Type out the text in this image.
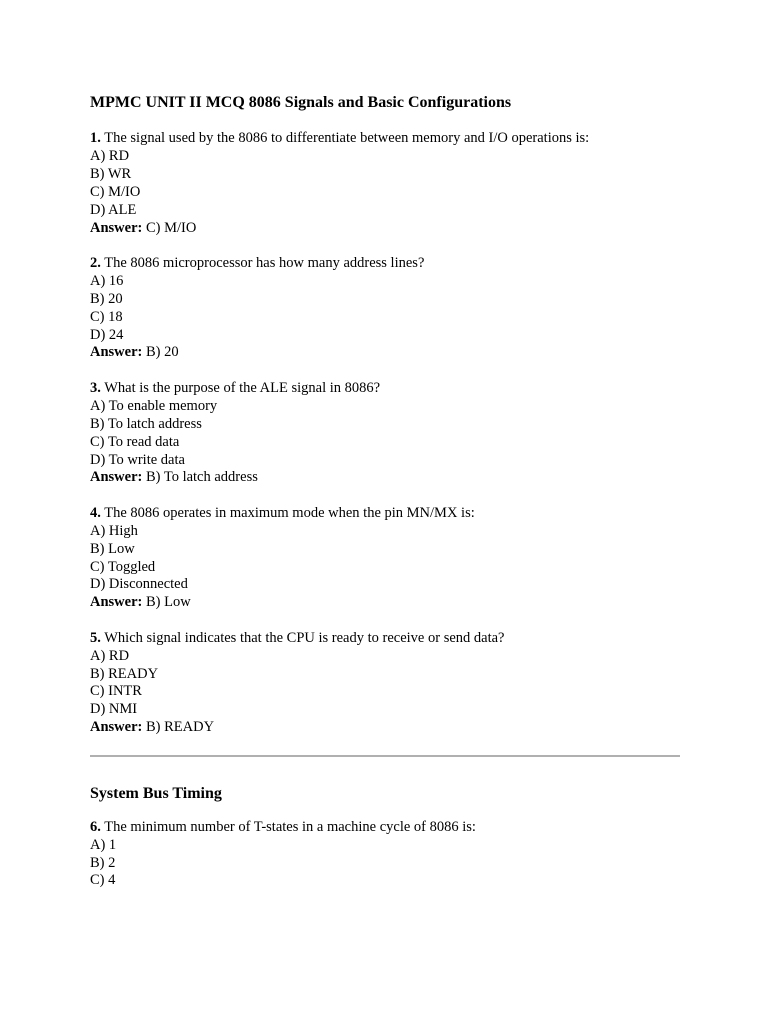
MPMC UNIT II MCQ 8086 Signals and Basic Configurations
1. The signal used by the 8086 to differentiate between memory and I/O operations is:
A) RD
B) WR
C) M/IO
D) ALE
Answer: C) M/IO
2. The 8086 microprocessor has how many address lines?
A) 16
B) 20
C) 18
D) 24
Answer: B) 20
3. What is the purpose of the ALE signal in 8086?
A) To enable memory
B) To latch address
C) To read data
D) To write data
Answer: B) To latch address
4. The 8086 operates in maximum mode when the pin MN/MX is:
A) High
B) Low
C) Toggled
D) Disconnected
Answer: B) Low
5. Which signal indicates that the CPU is ready to receive or send data?
A) RD
B) READY
C) INTR
D) NMI
Answer: B) READY
System Bus Timing
6. The minimum number of T-states in a machine cycle of 8086 is:
A) 1
B) 2
C) 4
